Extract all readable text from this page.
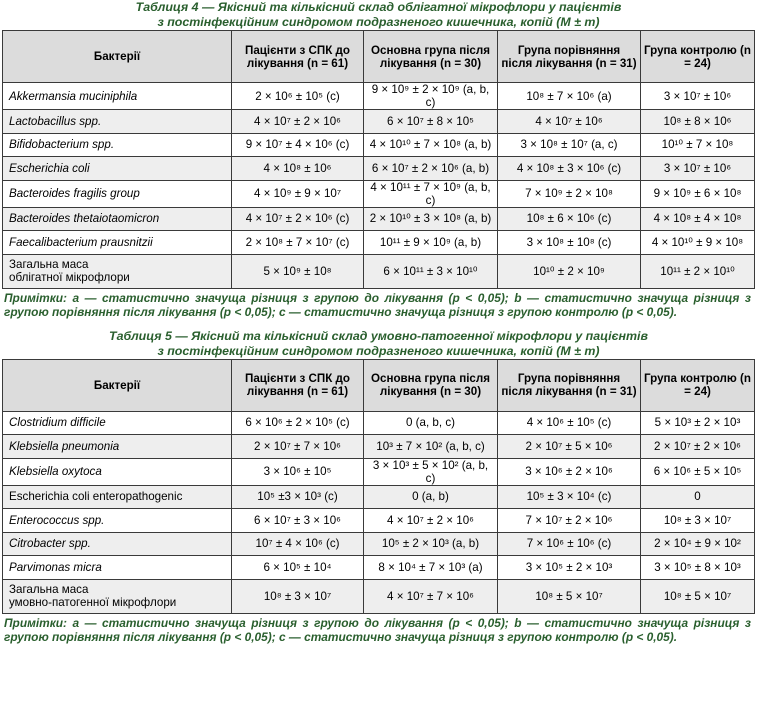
Таблиця 4 — Якісний та кількісний склад облігатної мікрофлори у пацієнтів
з постінфекційним синдромом подразненого кишечника, копій (M ± m)
Бактерії	Пацієнти з СПК до лікування (n = 61)	Основна група після лікування (n = 30)	Група порівняння після лікування (n = 31)	Група контролю (n = 24)
Akkermansia muciniphila	2 × 10⁶ ± 10⁵ (c)	9 × 10⁹ ± 2 × 10⁹ (a, b, c)	10⁸ ± 7 × 10⁶ (a)	3 × 10⁷ ± 10⁶
Lactobacillus spp.	4 × 10⁷ ± 2 × 10⁶	6 × 10⁷ ± 8 × 10⁵	4 × 10⁷ ± 10⁶	10⁸ ± 8 × 10⁶
Bifidobacterium spp.	9 × 10⁷ ± 4 × 10⁶ (c)	4 × 10¹⁰ ± 7 × 10⁸ (a, b)	3 × 10⁸ ± 10⁷ (a, c)	10¹⁰ ± 7 × 10⁸
Escherichia coli	4 × 10⁸ ± 10⁶	6 × 10⁷ ± 2 × 10⁶ (a, b)	4 × 10⁸ ± 3 × 10⁶ (c)	3 × 10⁷ ± 10⁶
Bacteroides fragilis group	4 × 10⁹ ± 9 × 10⁷	4 × 10¹¹ ± 7 × 10⁹ (a, b, c)	7 × 10⁹ ± 2 × 10⁸	9 × 10⁹ ± 6 × 10⁸
Bacteroides thetaiotaomicron	4 × 10⁷ ± 2 × 10⁶ (c)	2 × 10¹⁰ ± 3 × 10⁸ (a, b)	10⁸ ± 6 × 10⁶ (c)	4 × 10⁸ ± 4 × 10⁸
Faecalibacterium prausnitzii	2 × 10⁸ ± 7 × 10⁷ (c)	10¹¹ ± 9 × 10⁹ (a, b)	3 × 10⁸ ± 10⁸ (c)	4 × 10¹⁰ ± 9 × 10⁸
Загальна маса
облігатної мікрофлори	5 × 10⁹ ± 10⁸	6 × 10¹¹ ± 3 × 10¹⁰	10¹⁰ ± 2 × 10⁹	10¹¹ ± 2 × 10¹⁰
Примітки: a — статистично значуща різниця з групою до лікування (p < 0,05); b — статистично значуща різниця з групою порівняння після лікування (p < 0,05); c — статистично значуща різниця з групою контролю (p < 0,05).
Таблиця 5 — Якісний та кількісний склад умовно-патогенної мікрофлори у пацієнтів
з постінфекційним синдромом подразненого кишечника, копій (M ± m)
Бактерії	Пацієнти з СПК до лікування (n = 61)	Основна група після лікування (n = 30)	Група порівняння після лікування (n = 31)	Група контролю (n = 24)
Clostridium difficile	6 × 10⁶ ± 2 × 10⁵ (c)	0 (a, b, c)	4 × 10⁶ ± 10⁵ (c)	5 × 10³ ± 2 × 10³
Klebsiella pneumonia	2 × 10⁷ ± 7 × 10⁶	10³ ± 7 × 10² (a, b, c)	2 × 10⁷ ± 5 × 10⁶	2 × 10⁷ ± 2 × 10⁶
Klebsiella oxytoca	3 × 10⁶ ± 10⁵	3 × 10³ ± 5 × 10² (a, b, c)	3 × 10⁶ ± 2 × 10⁶	6 × 10⁶ ± 5 × 10⁵
Escherichia coli enteropathogenic	10⁵ ±3 × 10³ (c)	0 (a, b)	10⁵ ± 3 × 10⁴ (c)	0
Enterococcus spp.	6 × 10⁷ ± 3 × 10⁶	4 × 10⁷ ± 2 × 10⁶	7 × 10⁷ ± 2 × 10⁶	10⁸ ± 3 × 10⁷
Citrobacter spp.	10⁷ ± 4 × 10⁶ (c)	10⁵ ± 2 × 10³ (a, b)	7 × 10⁶ ± 10⁶ (c)	2 × 10⁴ ± 9 × 10²
Parvimonas micra	6 × 10⁵ ± 10⁴	8 × 10⁴ ± 7 × 10³ (a)	3 × 10⁵ ± 2 × 10³	3 × 10⁵ ± 8 × 10³
Загальна маса
умовно-патогенної мікрофлори	10⁸ ± 3 × 10⁷	4 × 10⁷ ± 7 × 10⁶	10⁸ ± 5 × 10⁷	10⁸ ± 5 × 10⁷
Примітки: a — статистично значуща різниця з групою до лікування (p < 0,05); b — статистично значуща різниця з групою порівняння після лікування (p < 0,05); c — статистично значуща різниця з групою контролю (p < 0,05).
